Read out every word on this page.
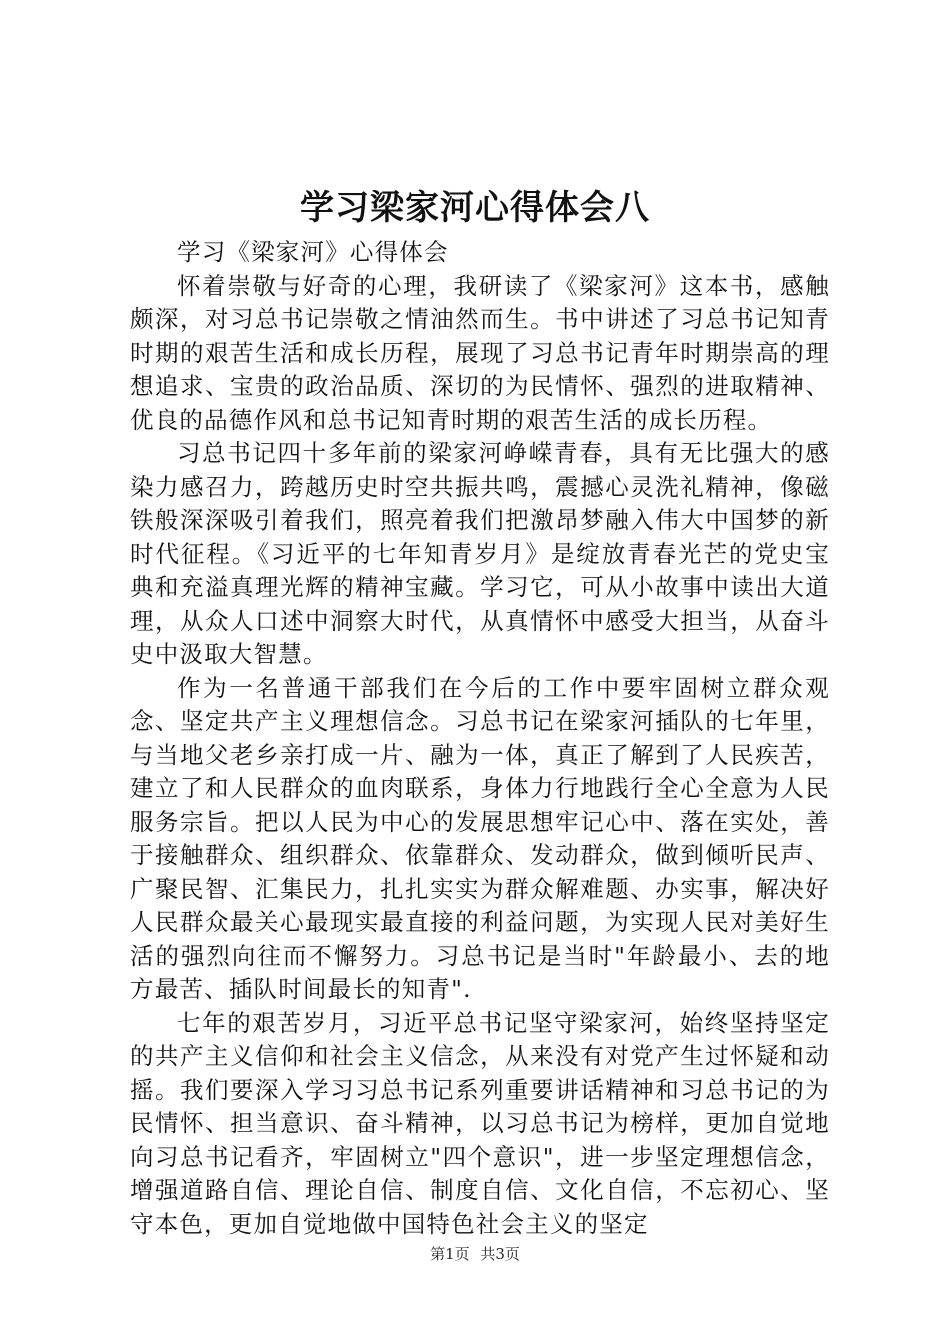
学习梁家河心得体会八

学习《梁家河》心得体会

怀着崇敬与好奇的心理，我研读了《梁家河》这本书，感触颇深，对习总书记崇敬之情油然而生。书中讲述了习总书记知青时期的艰苦生活和成长历程，展现了习总书记青年时期崇高的理想追求、宝贵的政治品质、深切的为民情怀、强烈的进取精神、优良的品德作风和总书记知青时期的艰苦生活的成长历程。

习总书记四十多年前的梁家河峥嵘青春，具有无比强大的感染力感召力，跨越历史时空共振共鸣，震撼心灵洗礼精神，像磁铁般深深吸引着我们，照亮着我们把激昂梦融入伟大中国梦的新时代征程。《习近平的七年知青岁月》是绽放青春光芒的党史宝典和充溢真理光辉的精神宝藏。学习它，可从小故事中读出大道理，从众人口述中洞察大时代，从真情怀中感受大担当，从奋斗史中汲取大智慧。

作为一名普通干部我们在今后的工作中要牢固树立群众观念、坚定共产主义理想信念。习总书记在梁家河插队的七年里，与当地父老乡亲打成一片、融为一体，真正了解到了人民疾苦，建立了和人民群众的血肉联系，身体力行地践行全心全意为人民服务宗旨。把以人民为中心的发展思想牢记心中、落在实处，善于接触群众、组织群众、依靠群众、发动群众，做到倾听民声、广聚民智、汇集民力，扎扎实实为群众解难题、办实事，解决好人民群众最关心最现实最直接的利益问题，为实现人民对美好生活的强烈向往而不懈努力。习总书记是当时"年龄最小、去的地方最苦、插队时间最长的知青".

七年的艰苦岁月，习近平总书记坚守梁家河，始终坚持坚定的共产主义信仰和社会主义信念，从来没有对党产生过怀疑和动摇。我们要深入学习习总书记系列重要讲话精神和习总书记的为民情怀、担当意识、奋斗精神，以习总书记为榜样，更加自觉地向习总书记看齐，牢固树立"四个意识"，进一步坚定理想信念，增强道路自信、理论自信、制度自信、文化自信，不忘初心、坚守本色，更加自觉地做中国特色社会主义的坚定

第1页 共3页
